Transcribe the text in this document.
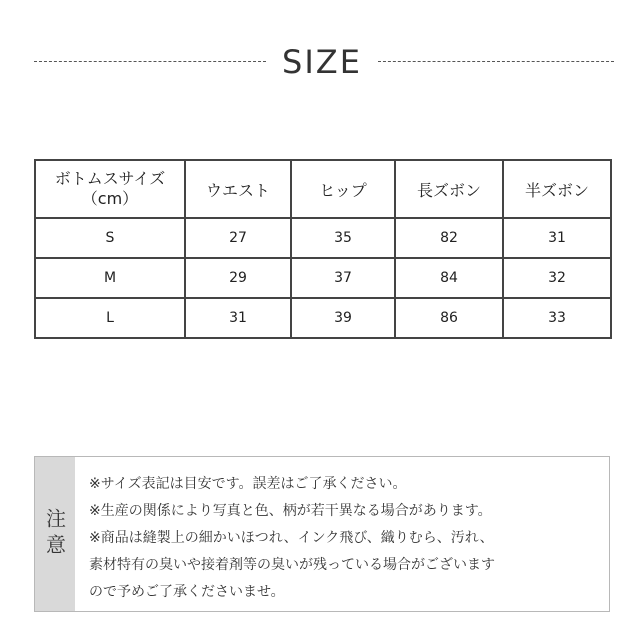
SIZE
ボトムスサイズ
（cm）	ウエスト	ヒップ	長ズボン	半ズボン
S	27	35	82	31
M	29	37	84	32
L	31	39	86	33
注意
※サイズ表記は目安です。誤差はご了承ください。
※生産の関係により写真と色、柄が若干異なる場合があります。
※商品は縫製上の細かいほつれ、インク飛び、織りむら、汚れ、
素材特有の臭いや接着剤等の臭いが残っている場合がございます
ので予めご了承くださいませ。
